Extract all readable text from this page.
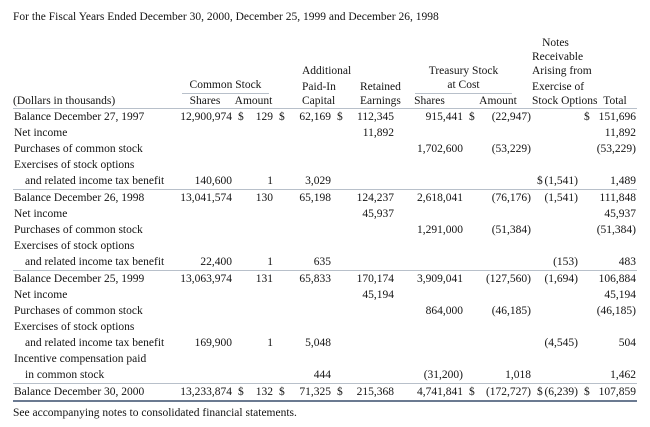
For the Fiscal Years Ended December 30, 2000, December 25, 1999 and December 26, 1998
							Notes	
							Receivable	
			Additional		Treasury Stock		Arising from	

	Common Stock		Paid-In	Retained	at Cost		Exercise of	
(Dollars in thousands)	Shares	Amount	Capital	Earnings	Shares	Amount	Stock Options	Total
Balance December 27, 1997	12,900,974	$ 129	$ 62,169	$ 112,345	915,441	$ (22,947)		$ 151,696

Net income				11,892				11,892
Purchases of common stock					1,702,600	(53,229)		(53,229)
Exercises of stock options								
and related income tax benefit	140,600	1	3,029				$ (1,541)	1,489
Balance December 26, 1998	13,041,574	130	65,198	124,237	2,618,041	(76,176)	(1,541)	111,848
Net income				45,937				45,937
Purchases of common stock					1,291,000	(51,384)		(51,384)
Exercises of stock options								
and related income tax benefit	22,400	1	635				(153)	483
Balance December 25, 1999	13,063,974	131	65,833	170,174	3,909,041	(127,560)	(1,694)	106,884
Net income				45,194				45,194
Purchases of common stock					864,000	(46,185)		(46,185)
Exercises of stock options								
and related income tax benefit	169,900	1	5,048				(4,545)	504
Incentive compensation paid								
in common stock			444		(31,200)	1,018		1,462
Balance December 30, 2000	13,233,874	$ 132	$ 71,325	$ 215,368	4,741,841	$ (172,727)	$ (6,239)	$ 107,859
See accompanying notes to consolidated financial statements.
